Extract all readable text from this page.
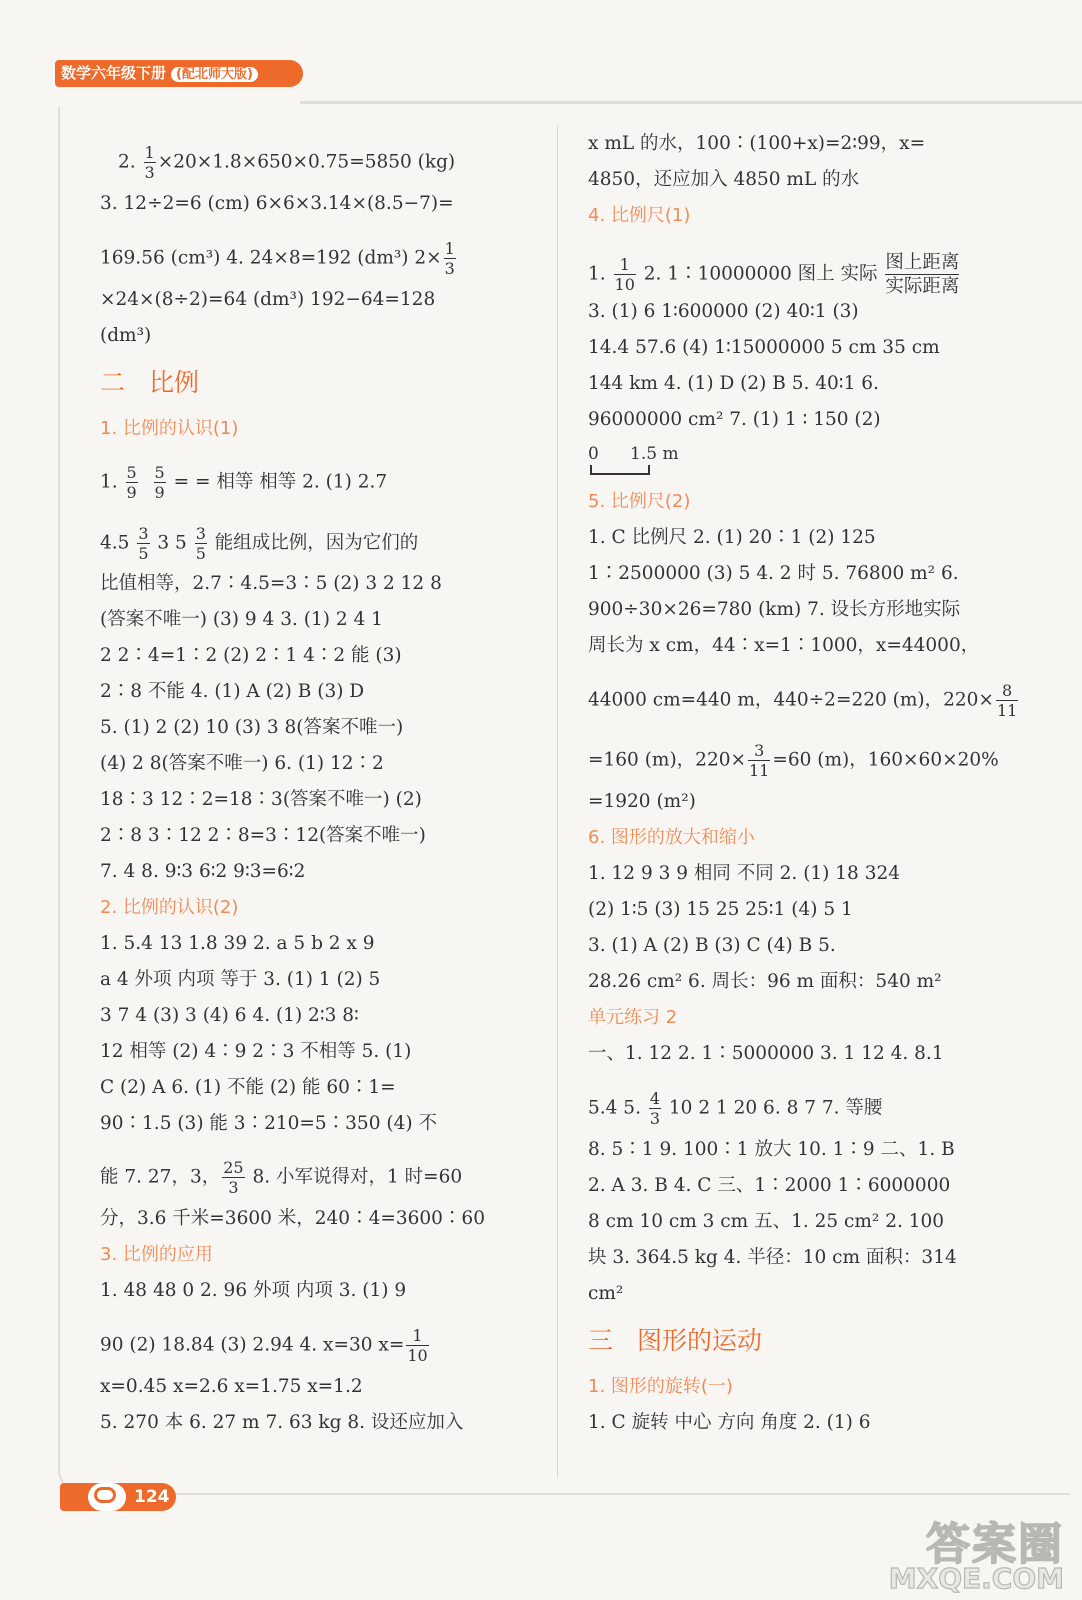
数学六年级下册 (配北师大版)
2. $\frac{1}{3} \times 20\times 1.8\times 650\times 0.75=5850$ (kg)
3. 12÷2=6 (cm) 6×6×3.14×(8.5−7)=
169.56 (cm³) 4. 24×8=192 (dm³) $2\times \frac{1}{3}$
×24×(8÷2)=64 (dm³) 192−64=128
(dm³)
二 比例
1. 比例的认识(1)
1. $\frac{5}{9}$
$\frac{5}{9}$ = = 相等 相等 2. (1) 2.7
$4.5 \frac{3}{5} 3$ $5 \frac{3}{5}$ 能组成比例，因为它们的
比值相等，2.7∶4.5=3∶5 (2) 3 2 12 8
(答案不唯一) (3) 9 4 3. (1) 2 4 1
2 2∶4=1∶2 (2) 2∶1 4∶2 能 (3)
2∶8 不能 4. (1) A (2) B (3) D
5. (1) 2 (2) 10 (3) 3 8(答案不唯一)
(4) 2 8(答案不唯一) 6. (1) 12∶2
18∶3 12∶2=18∶3(答案不唯一) (2)
2∶8 3∶12 2∶8=3∶12(答案不唯一)
7. 4 8. 9∶3 6∶2 9∶3=6∶2
2. 比例的认识(2)
1. 5.4 13 1.8 39 2. a 5 b 2 x 9
a 4 外项 内项 等于 3. (1) 1 (2) 5
3 7 4 (3) 3 (4) 6 4. (1) 2∶3 8∶
12 相等 (2) 4∶9 2∶3 不相等 5. (1)
C (2) A 6. (1) 不能 (2) 能 60∶1=
90∶1.5 (3) 能 3∶210=5∶350 (4) 不
能 7. 27，3， $\frac{25}{3} 8$. 小军说得对，1 时=60
分，3.6 千米=3600 米，240∶4=3600∶60
3. 比例的应用
1. 48 48 0 2. 96 外项 内项 3. (1) 9
90 (2) 18.84 (3) 2.94 4. x=30 $x= \frac{1}{10}$
x=0.45 x=2.6 x=1.75 x=1.2
5. 270 本 6. 27 m 7. 63 kg 8. 设还应加入
x mL 的水，100∶(100+x)=2∶99，x=
4850，还应加入 4850 mL 的水
4. 比例尺(1)
1. $\frac{1}{10} 2$. 1∶10000000 图上 实际
图上距离
实际距离
3. (1) 6 1∶600000 (2) 40∶1 (3)
14.4 57.6 (4) 1∶15000000 5 cm 35 cm
144 km 4. (1) D (2) B 5. 40∶1 6.
96000000 cm² 7. (1) 1 ∶ 150 (2)
0 1.5 m
5. 比例尺(2)
1. C 比例尺 2. (1) 20∶1 (2) 125
1∶2500000 (3) 5 4. 2 时 5. 76800 m² 6.
900÷30×26=780 (km) 7. 设长方形地实际
周长为 x cm，44∶x=1∶1000，x=44000，
44000 cm=440 m，440÷2=220 (m)，$220\times \frac{8}{11}$
=160 (m)，$220\times \frac{3}{11} =60$ (m)，160×60×20%
=1920 (m²)
6. 图形的放大和缩小
1. 12 9 3 9 相同 不同 2. (1) 18 324
(2) 1∶5 (3) 15 25 25∶1 (4) 5 1
3. (1) A (2) B (3) C (4) B 5.
28.26 cm² 6. 周长：96 m 面积：540 m²
单元练习 2
一、1. 12 2. 1∶5000000 3. 1 12 4. 8.1
5.4 5. $\frac{4}{3} 10$ 2 1 20 6. 8 7 7. 等腰
8. 5∶1 9. 100∶1 放大 10. 1∶9 二、1. B
2. A 3. B 4. C 三、1∶2000 1∶6000000
8 cm 10 cm 3 cm 五、1. 25 cm² 2. 100
块 3. 364.5 kg 4. 半径：10 cm 面积：314
cm²
三 图形的运动
1. 图形的旋转(一)
1. C 旋转 中心 方向 角度 2. (1) 6
124
答案圈
MXQE.COM
